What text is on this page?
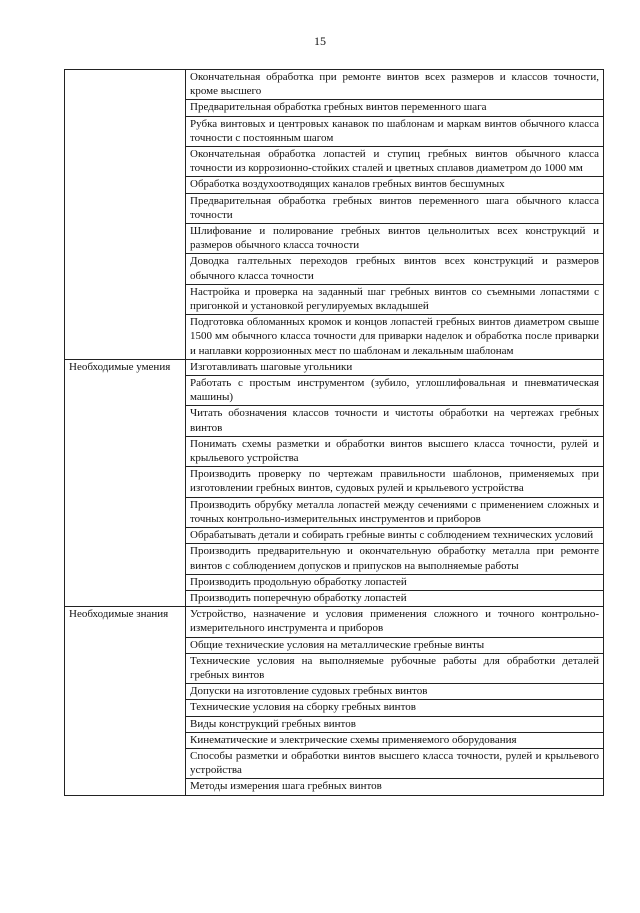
15
	Окончательная обработка при ремонте винтов всех размеров и классов точности, кроме высшего
	Предварительная обработка гребных винтов переменного шага
	Рубка винтовых и центровых канавок по шаблонам и маркам винтов обычного класса точности с постоянным шагом
	Окончательная обработка лопастей и ступиц гребных винтов обычного класса точности из коррозионно-стойких сталей и цветных сплавов диаметром до 1000 мм
	Обработка воздухоотводящих каналов гребных винтов бесшумных
	Предварительная обработка гребных винтов переменного шага обычного класса точности
	Шлифование и полирование гребных винтов цельнолитых всех конструкций и размеров обычного класса точности
	Доводка галтельных переходов гребных винтов всех конструкций и размеров обычного класса точности
	Настройка и проверка на заданный шаг гребных винтов со съемными лопастями с пригонкой и установкой регулируемых вкладышей
	Подготовка обломанных кромок и концов лопастей гребных винтов диаметром свыше 1500 мм обычного класса точности для приварки наделок и обработка после приварки и наплавки коррозионных мест по шаблонам и лекальным шаблонам
Необходимые умения	Изготавливать шаговые угольники
	Работать с простым инструментом (зубило, углошлифовальная и пневматическая машины)
	Читать обозначения классов точности и чистоты обработки на чертежах гребных винтов
	Понимать схемы разметки и обработки винтов высшего класса точности, рулей и крыльевого устройства
	Производить проверку по чертежам правильности шаблонов, применяемых при изготовлении гребных винтов, судовых рулей и крыльевого устройства
	Производить обрубку металла лопастей между сечениями с применением сложных и точных контрольно-измерительных инструментов и приборов
	Обрабатывать детали и собирать гребные винты с соблюдением технических условий
	Производить предварительную и окончательную обработку металла при ремонте винтов с соблюдением допусков и припусков на выполняемые работы
	Производить продольную обработку лопастей
	Производить поперечную обработку лопастей
Необходимые знания	Устройство, назначение и условия применения сложного и точного контрольно-измерительного инструмента и приборов
	Общие технические условия на металлические гребные винты
	Технические условия на выполняемые рубочные работы для обработки деталей гребных винтов
	Допуски на изготовление судовых гребных винтов
	Технические условия на сборку гребных винтов
	Виды конструкций гребных винтов
	Кинематические и электрические схемы применяемого оборудования
	Способы разметки и обработки винтов высшего класса точности, рулей и крыльевого устройства
	Методы измерения шага гребных винтов
